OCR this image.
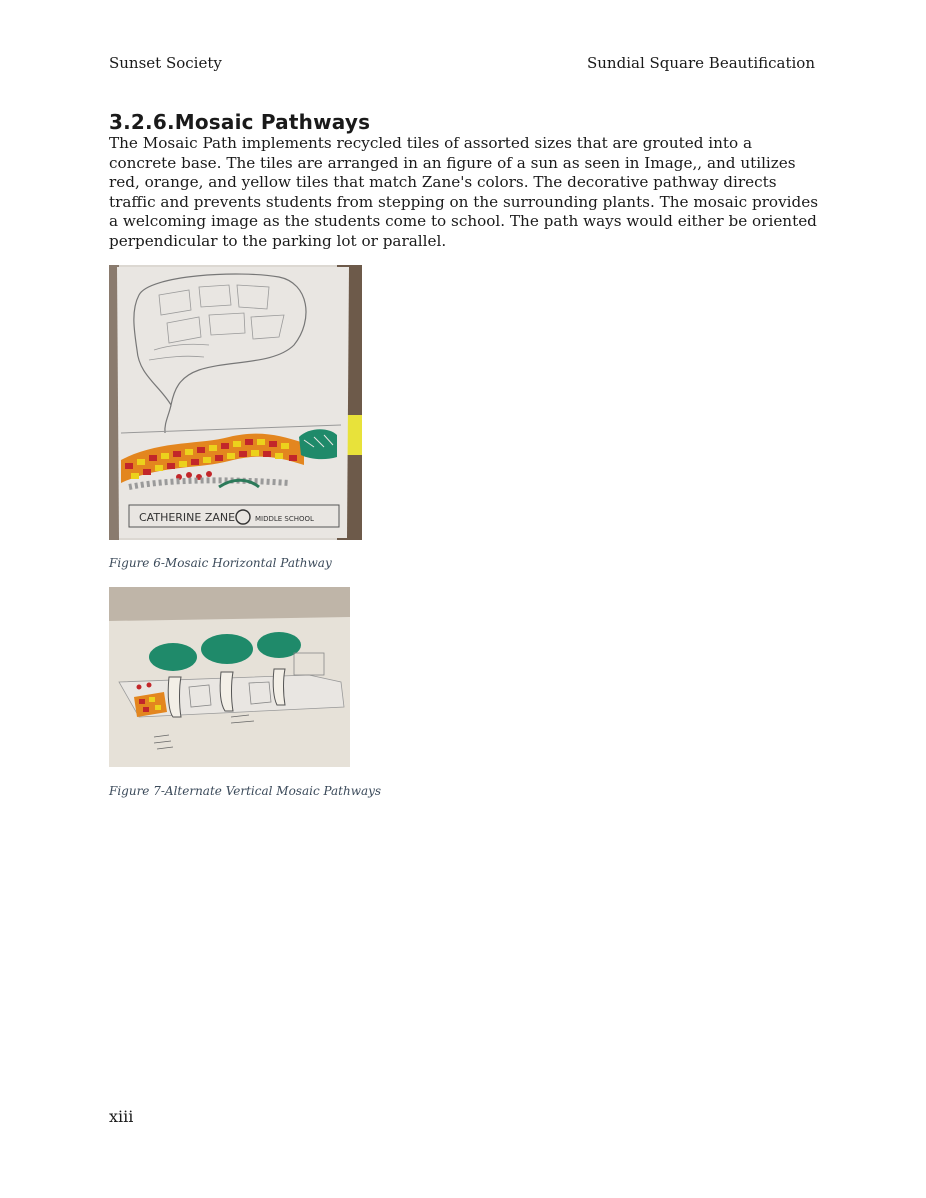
Sunset Society	Sundial Square Beautification
3.2.6.Mosaic Pathways

The Mosaic Path implements recycled tiles of assorted sizes that are grouted into a concrete base. The tiles are arranged in an figure of a sun as seen in Image,, and utilizes red, orange, and yellow tiles that match Zane's colors. The decorative pathway directs traffic and prevents students from stepping on the surrounding plants. The mosaic provides a welcoming image as the students come to school. The path ways would either be oriented perpendicular to the parking lot or parallel.

CATHERINE ZANE	MIDDLE SCHOOL
Figure 6-Mosaic Horizontal Pathway
Figure 7-Alternate Vertical Mosaic Pathways
xiii
